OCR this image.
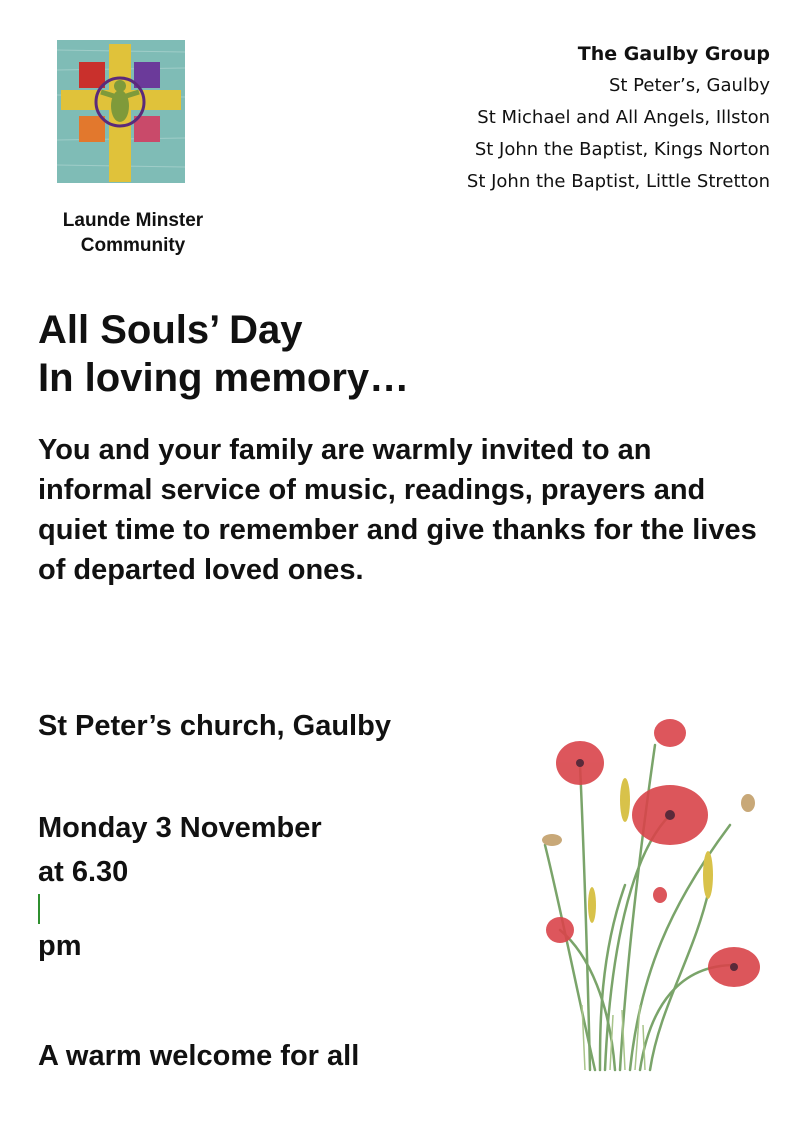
Launde Minster
Community
The Gaulby Group
St Peter’s, Gaulby
St Michael and All Angels, Illston
St John the Baptist, Kings Norton
St John the Baptist, Little Stretton
All Souls’ Day
In loving memory…

You and your family are warmly invited to an informal service of music, readings, prayers and quiet time to remember and give thanks for the lives of departed loved ones.

St Peter’s church, Gaulby
Monday 3 November
at 6.30
pm
A warm welcome for all
